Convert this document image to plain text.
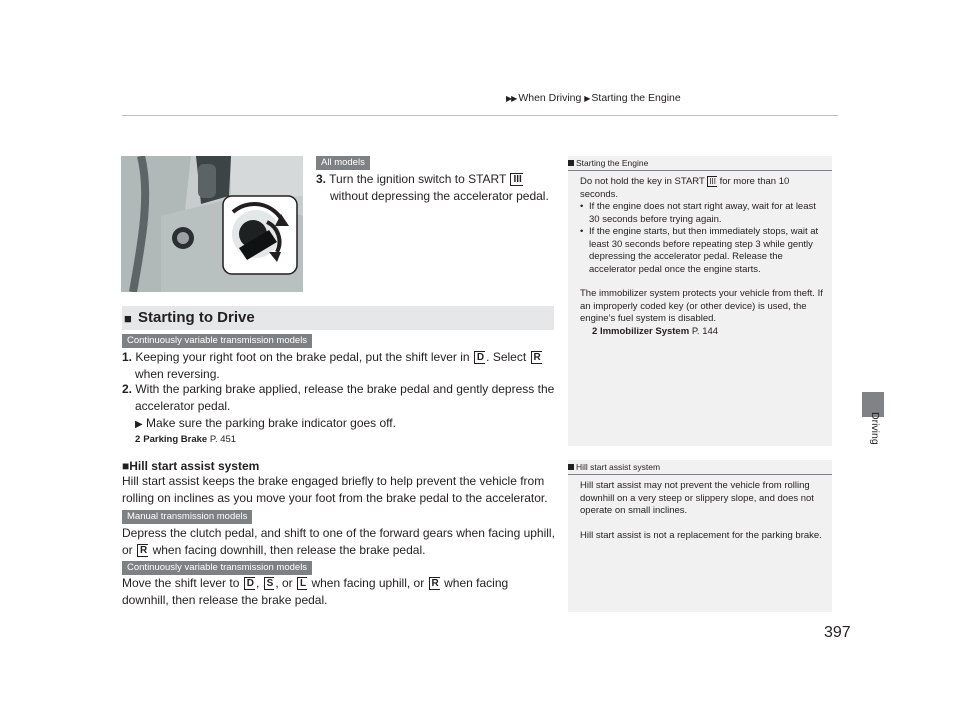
▶▶ When Driving ▶ Starting the Engine
Driving
All models
Continuously variable transmission models
Manual transmission models
Continuously variable transmission models
3. Turn the ignition switch to START III
without depressing the accelerator pedal.
■ Starting to Drive
1. Keeping your right foot on the brake pedal, put the shift lever in D . Select R
when reversing.
2. With the parking brake applied, release the brake pedal and gently depress the
accelerator pedal.
▶ Make sure the parking brake indicator goes off.
2 Parking Brake P. 451
■Hill start assist system
Hill start assist keeps the brake engaged briefly to help prevent the vehicle from
rolling on inclines as you move your foot from the brake pedal to the accelerator.
Depress the clutch pedal, and shift to one of the forward gears when facing uphill,
or R when facing downhill, then release the brake pedal.
Move the shift lever to D , S , or L when facing uphill, or R when facing
downhill, then release the brake pedal.
Starting the Engine

Do not hold the key in START III for more than 10 seconds.

• If the engine does not start right away, wait for at least 30 seconds before trying again.

• If the engine starts, but then immediately stops, wait at least 30 seconds before repeating step 3 while gently depressing the accelerator pedal. Release the accelerator pedal once the engine starts.

The immobilizer system protects your vehicle from theft. If an improperly coded key (or other device) is used, the engine’s fuel system is disabled.

2 Immobilizer System P. 144

Hill start assist system

Hill start assist may not prevent the vehicle from rolling downhill on a very steep or slippery slope, and does not operate on small inclines.

Hill start assist is not a replacement for the parking brake.

397
